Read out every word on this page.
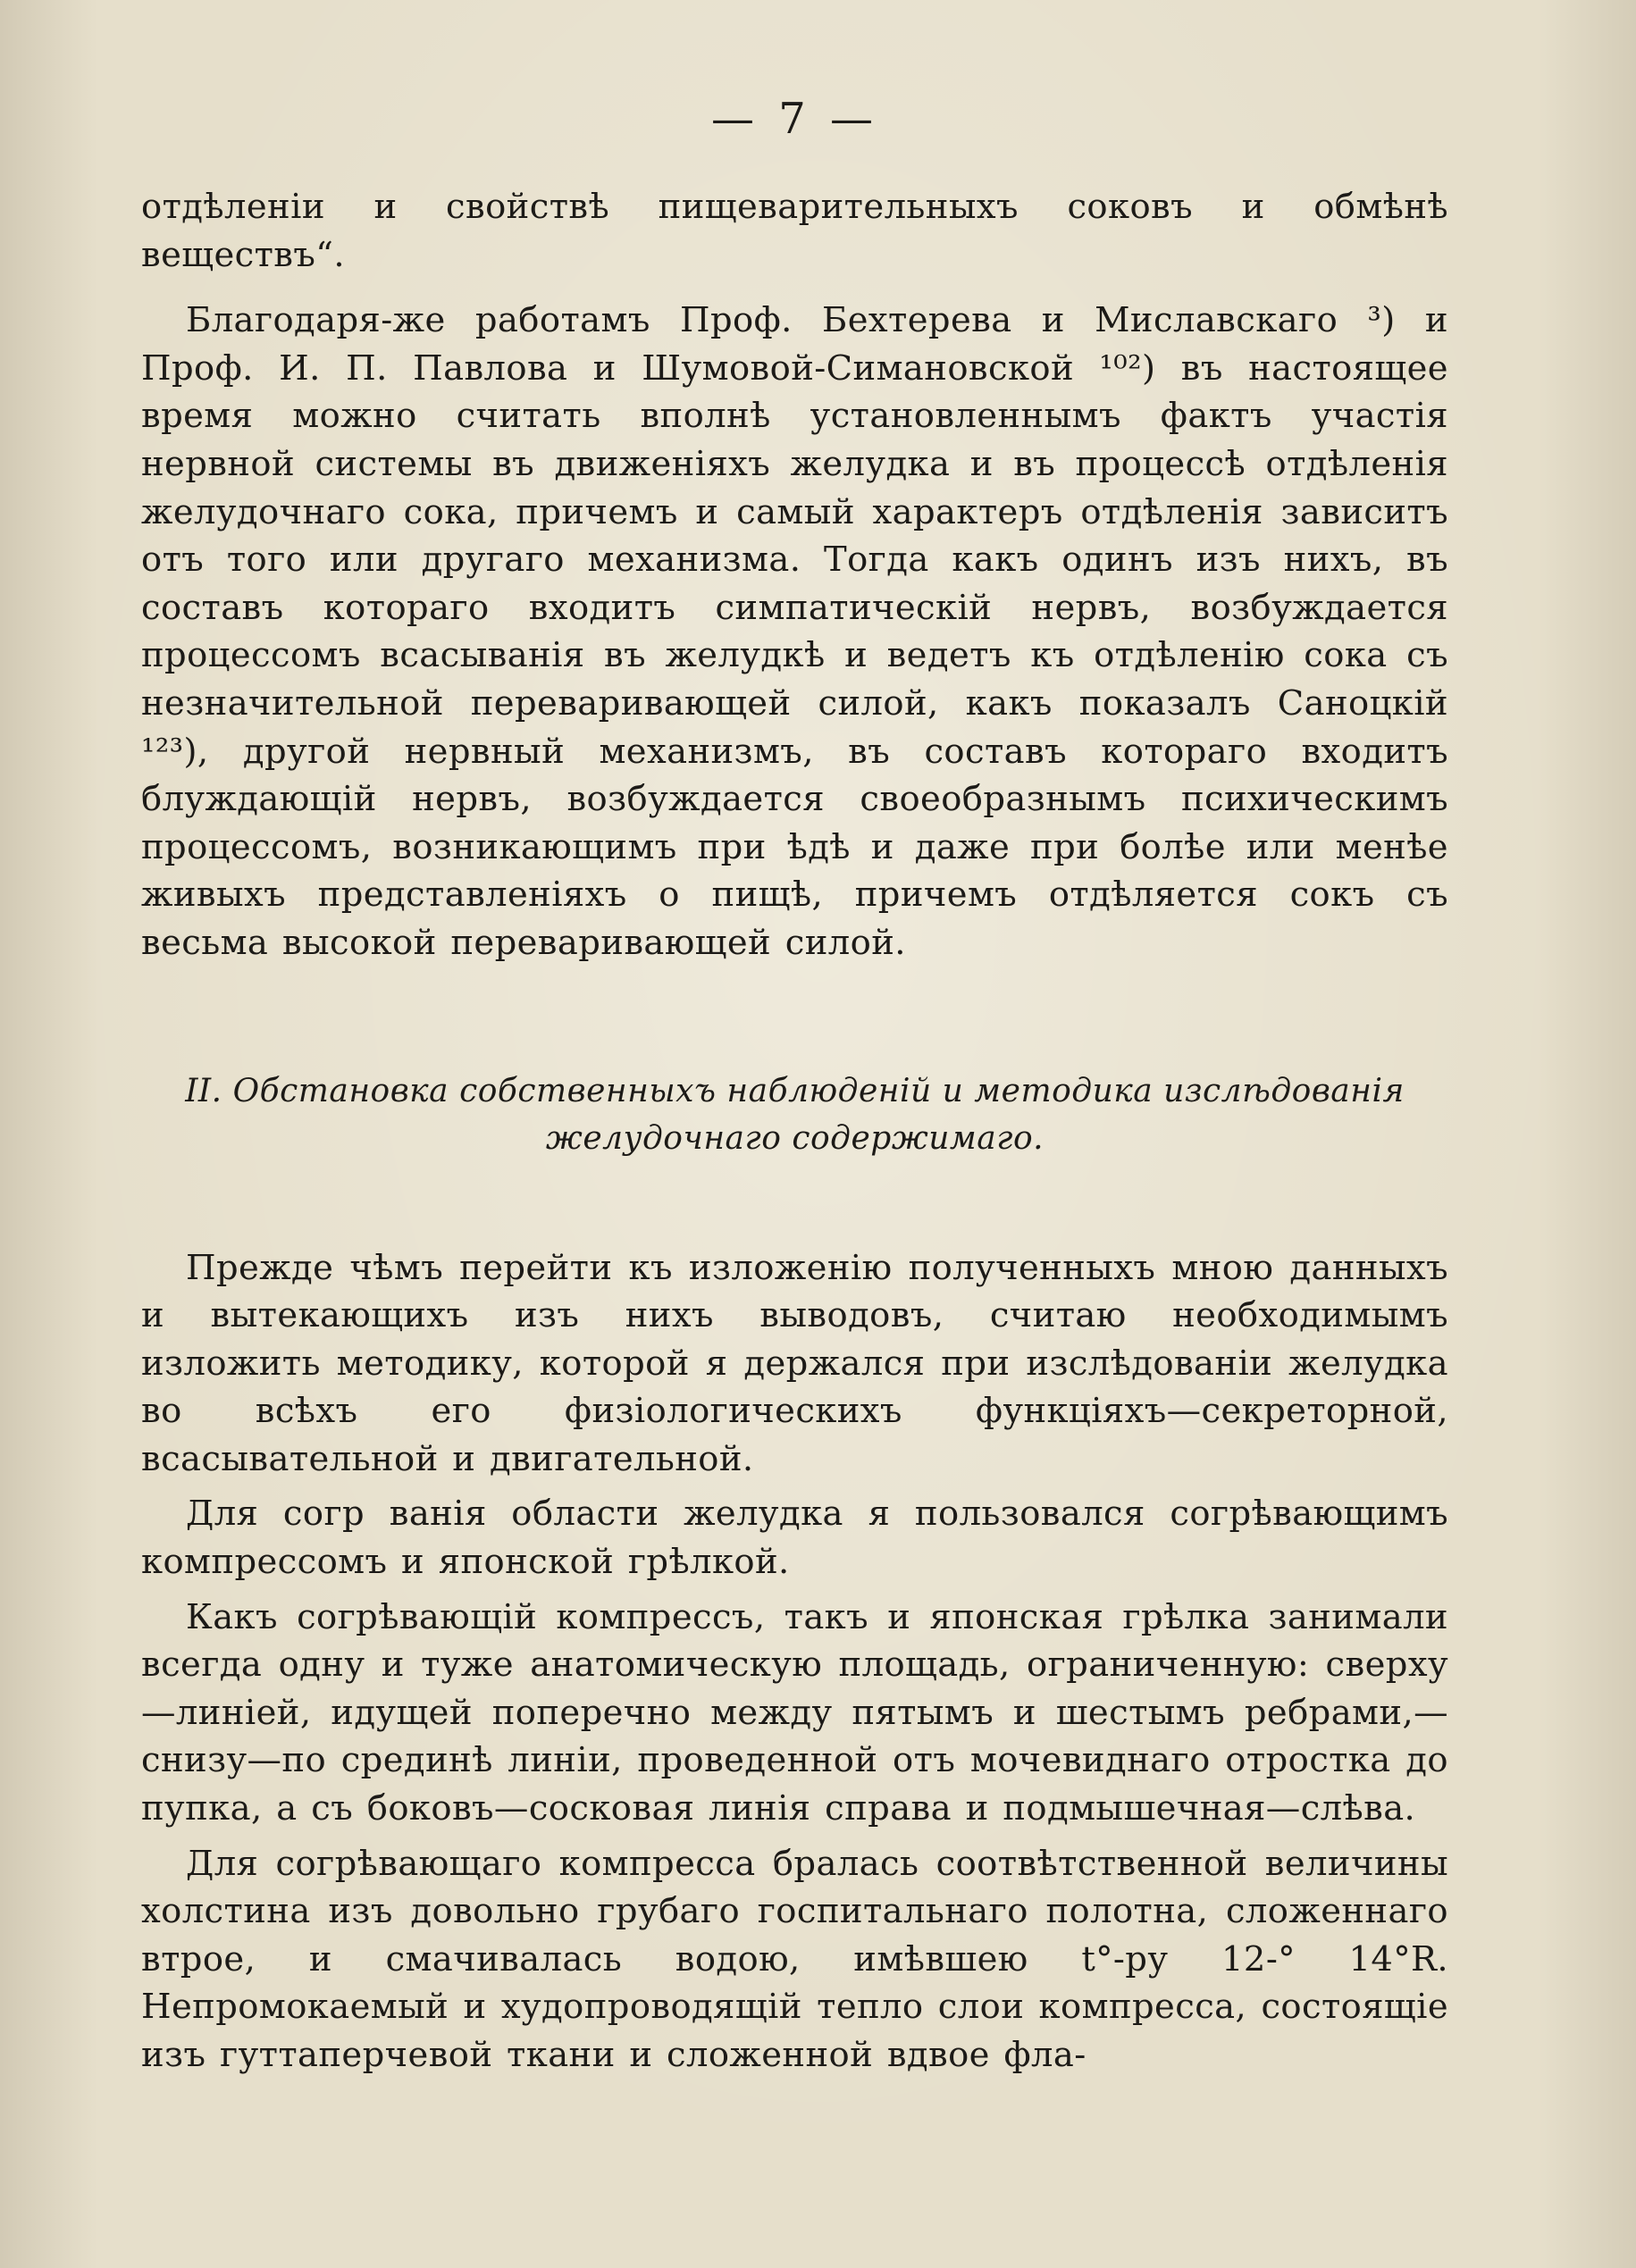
— 7 —

отдѣленіи и свойствѣ пищеварительныхъ соковъ и обмѣнѣ веществъ“.

Благодаря-же работамъ Проф. Бехтерева и Миславскаго ³) и Проф. И. П. Павлова и Шумовой-Симановской ¹⁰²) въ настоящее время можно считать вполнѣ установленнымъ фактъ участія нервной системы въ движеніяхъ желудка и въ процессѣ отдѣленія желудочнаго сока, причемъ и самый характеръ отдѣленія зависитъ отъ того или другаго механизма. Тогда какъ одинъ изъ нихъ, въ составъ котораго входитъ симпатическій нервъ, возбуждается процессомъ всасыванія въ желудкѣ и ведетъ къ отдѣленію сока съ незначительной переваривающей силой, какъ показалъ Саноцкій ¹²³), другой нервный механизмъ, въ составъ котораго входитъ блуждающій нервъ, возбуждается своеобразнымъ психическимъ процессомъ, возникающимъ при ѣдѣ и даже при болѣе или менѣе живыхъ представленіяхъ о пищѣ, причемъ отдѣляется сокъ съ весьма высокой переваривающей силой.

II. Обстановка собственныхъ наблюденій и методика изслѣдованія
желудочнаго содержимаго.

Прежде чѣмъ перейти къ изложенію полученныхъ мною данныхъ и вытекающихъ изъ нихъ выводовъ, считаю необходимымъ изложить методику, которой я держался при изслѣдованіи желудка во всѣхъ его физіологическихъ функціяхъ—секреторной, всасывательной и двигательной.

Для согр ванія области желудка я пользовался согрѣвающимъ компрессомъ и японской грѣлкой.

Какъ согрѣвающій компрессъ, такъ и японская грѣлка занимали всегда одну и туже анатомическую площадь, ограниченную: сверху—линіей, идущей поперечно между пятымъ и шестымъ ребрами,—снизу—по срединѣ линіи, проведенной отъ мочевиднаго отростка до пупка, а съ боковъ—сосковая линія справа и подмышечная—слѣва.

Для согрѣвающаго компресса бралась соотвѣтственной величины холстина изъ довольно грубаго госпитальнаго полотна, сложеннаго втрое, и смачивалась водою, имѣвшею t°-ру 12-° 14°R. Непромокаемый и худопроводящій тепло слои компресса, состоящіе изъ гуттаперчевой ткани и сложенной вдвое фла-
